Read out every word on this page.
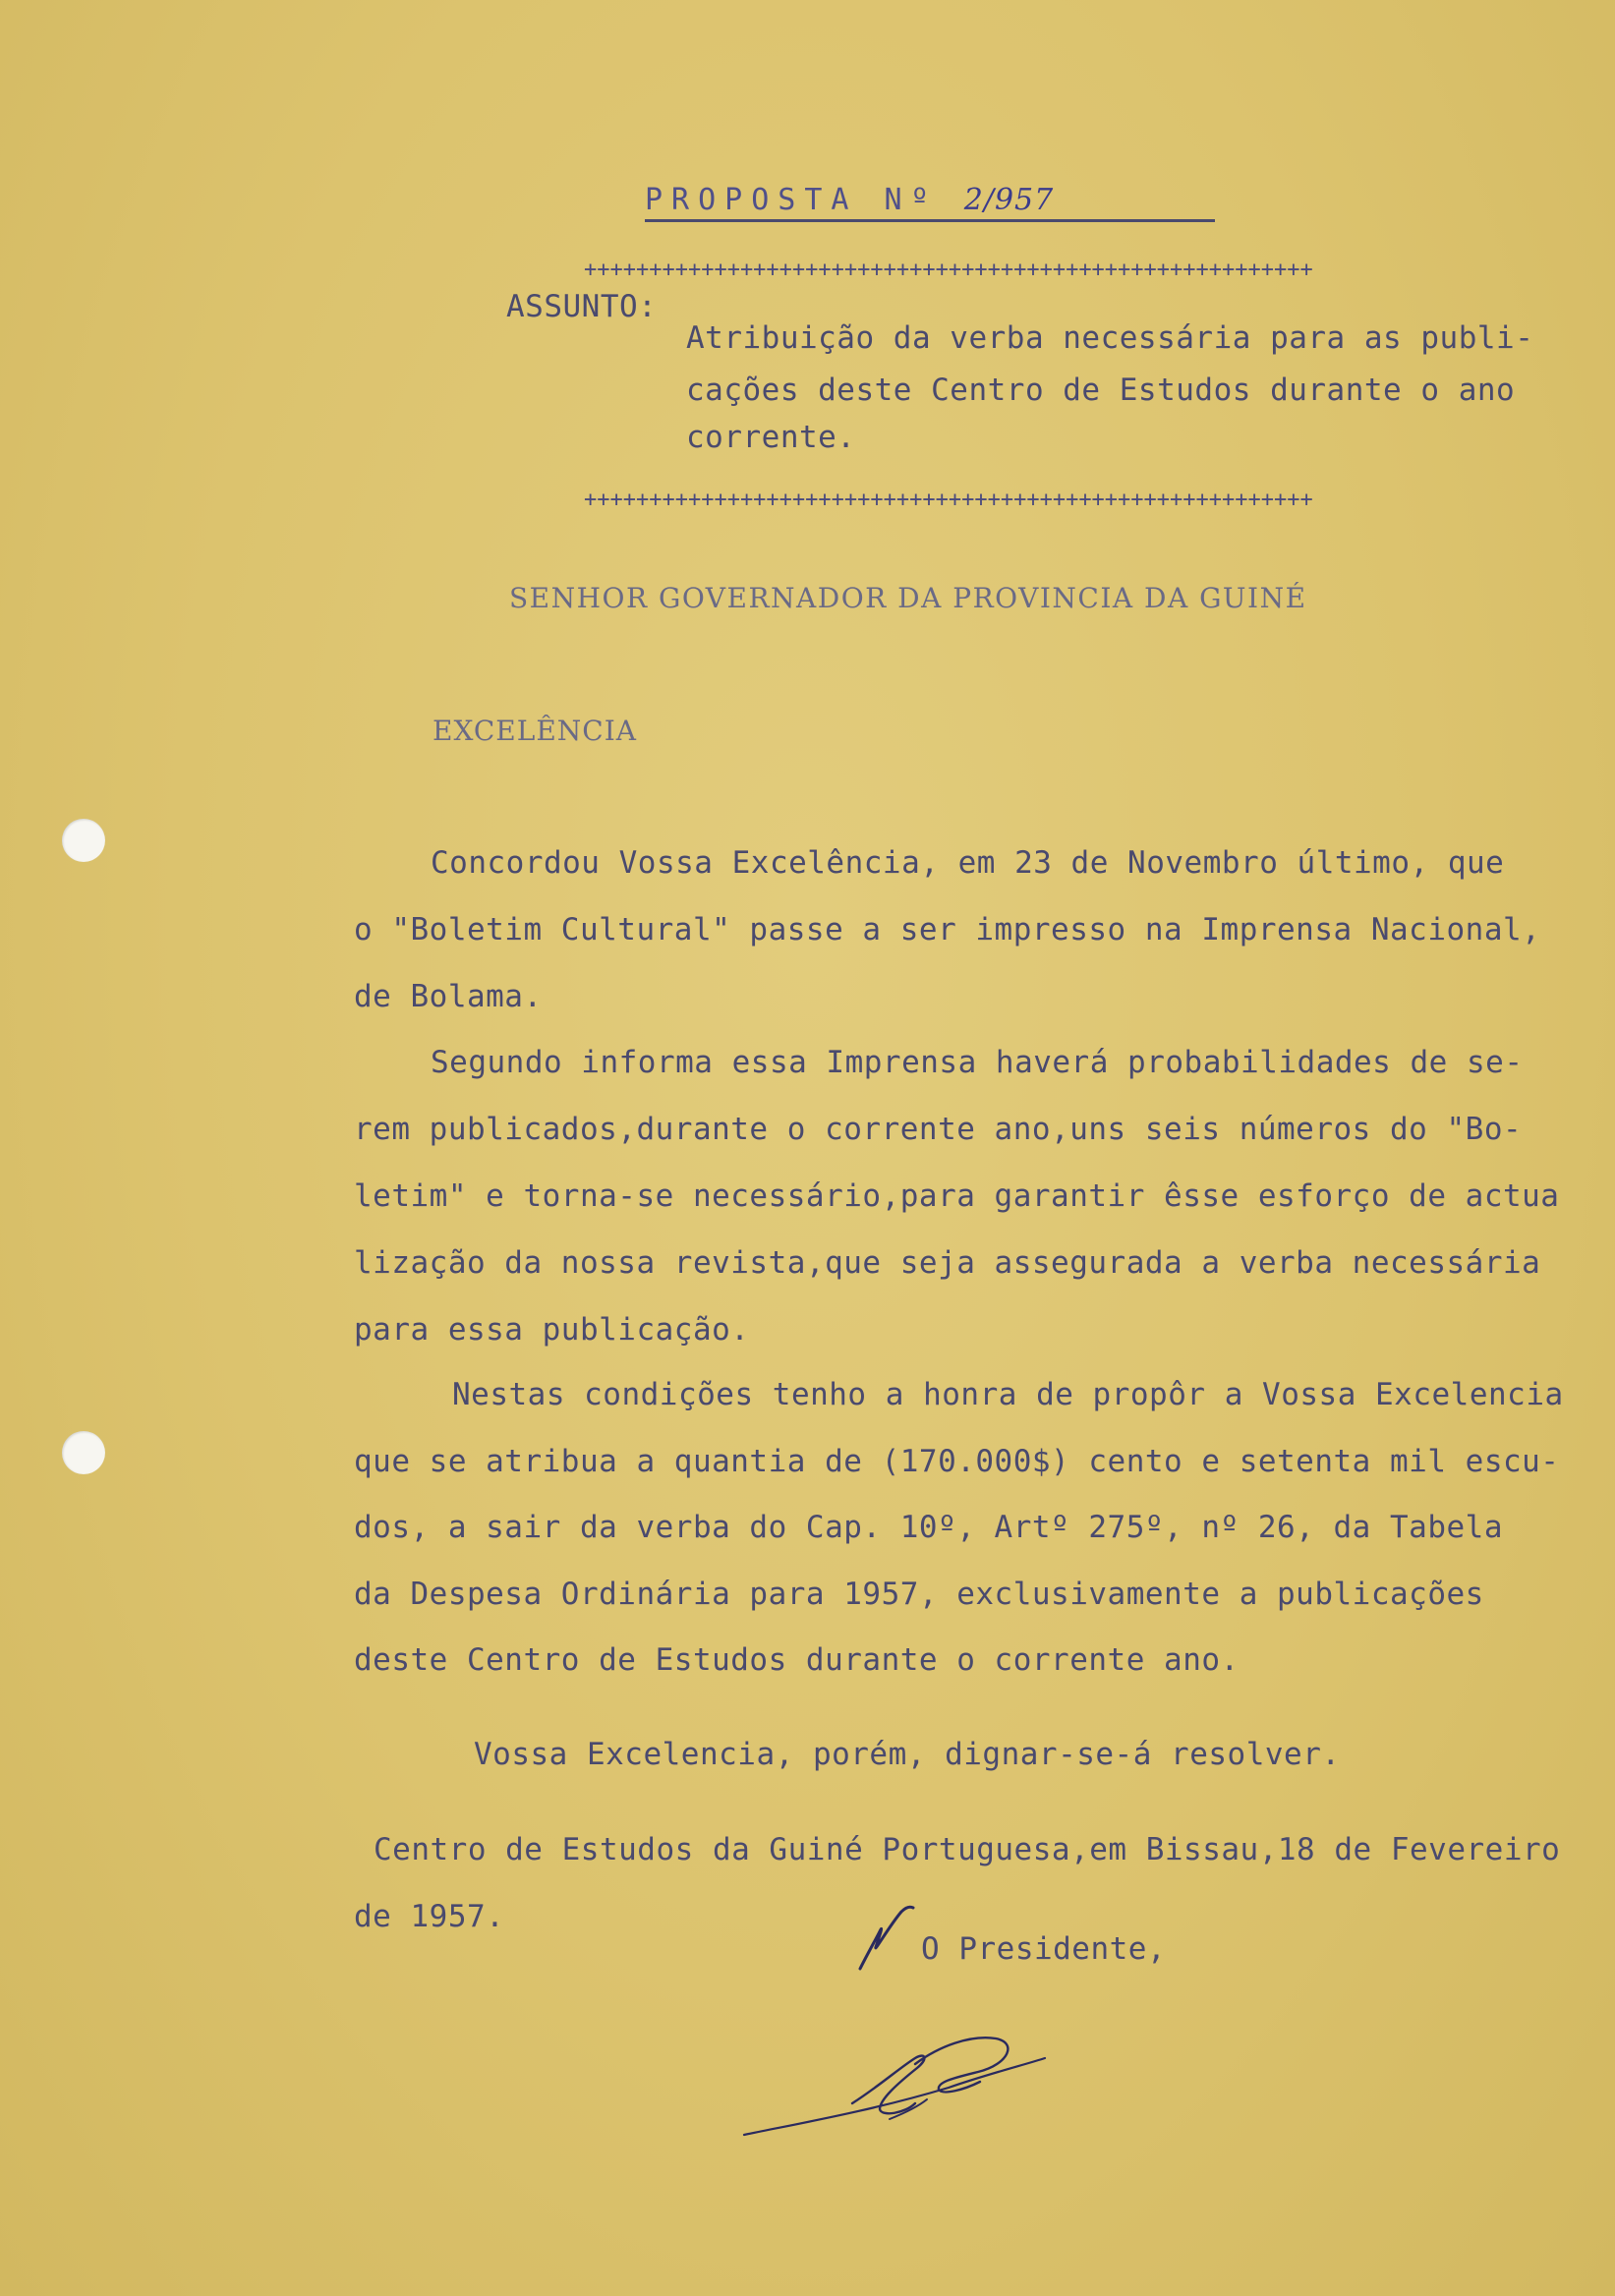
PROPOSTA Nº 2/957
++++++++++++++++++++++++++++++++++++++++++++++++++++++++
ASSUNTO:
Atribuição da verba necessária para as publi-
cações deste Centro de Estudos durante o ano
corrente.
++++++++++++++++++++++++++++++++++++++++++++++++++++++++
SENHOR GOVERNADOR DA PROVINCIA DA GUINÉ
EXCELÊNCIA
Concordou Vossa Excelência, em 23 de Novembro último, que
o "Boletim Cultural" passe a ser impresso na Imprensa Nacional,
de Bolama.
Segundo informa essa Imprensa haverá probabilidades de se-
rem publicados,durante o corrente ano,uns seis números do "Bo-
letim" e torna-se necessário,para garantir êsse esforço de actua
lização da nossa revista,que seja assegurada a verba necessária
para essa publicação.
Nestas condições tenho a honra de propôr a Vossa Excelencia
que se atribua a quantia de (170.000$) cento e setenta mil escu-
dos, a sair da verba do Cap. 10º, Artº 275º, nº 26, da Tabela
da Despesa Ordinária para 1957, exclusivamente a publicações
deste Centro de Estudos durante o corrente ano.
Vossa Excelencia, porém, dignar-se-á resolver.
Centro de Estudos da Guiné Portuguesa,em Bissau,18 de Fevereiro
de 1957.
O Presidente,
